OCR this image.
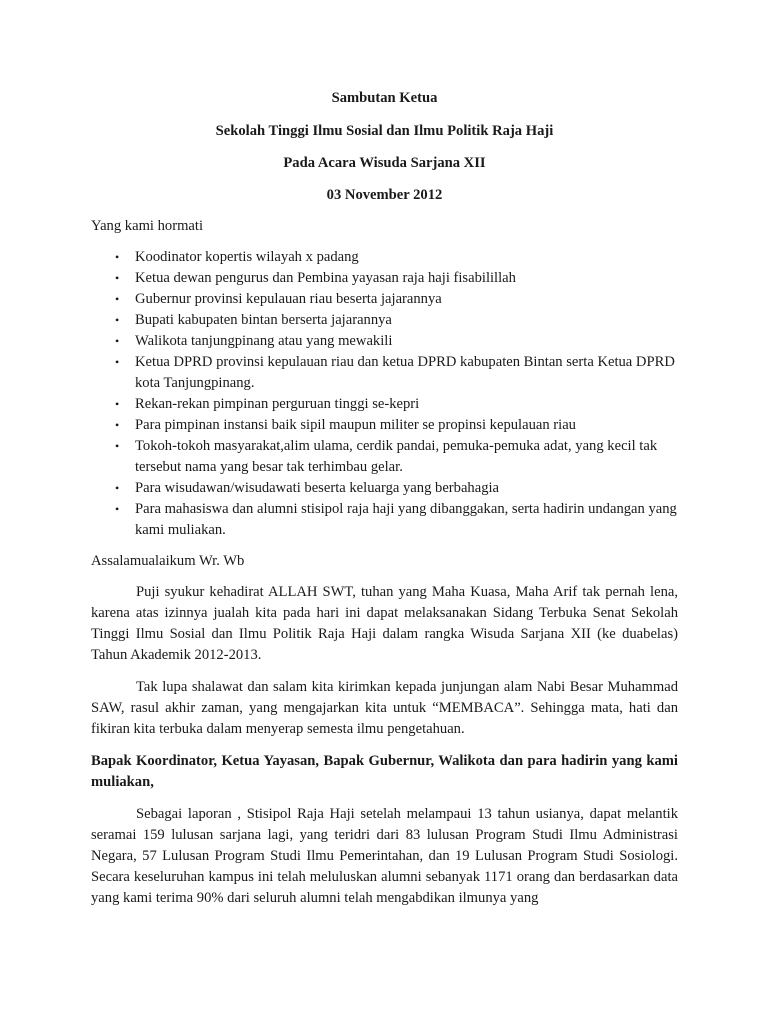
Sambutan Ketua

Sekolah Tinggi Ilmu Sosial dan Ilmu Politik Raja Haji

Pada Acara Wisuda Sarjana XII

03 November 2012

Yang kami hormati

• Koodinator kopertis wilayah x padang
• Ketua dewan pengurus dan Pembina yayasan raja haji fisabilillah
• Gubernur provinsi kepulauan riau beserta jajarannya
• Bupati kabupaten bintan berserta jajarannya
• Walikota tanjungpinang atau yang mewakili
• Ketua DPRD provinsi kepulauan riau dan ketua DPRD kabupaten Bintan serta Ketua DPRD kota Tanjungpinang.
• Rekan-rekan pimpinan perguruan tinggi se-kepri
• Para pimpinan instansi baik sipil maupun militer se propinsi kepulauan riau
• Tokoh-tokoh masyarakat,alim ulama, cerdik pandai, pemuka-pemuka adat, yang kecil tak tersebut nama yang besar tak terhimbau gelar.
• Para wisudawan/wisudawati beserta keluarga yang berbahagia
• Para mahasiswa dan alumni stisipol raja haji yang dibanggakan, serta hadirin undangan yang kami muliakan.

Assalamualaikum Wr. Wb

Puji syukur kehadirat ALLAH SWT, tuhan yang Maha Kuasa, Maha Arif tak pernah lena, karena atas izinnya jualah kita pada hari ini dapat melaksanakan Sidang Terbuka Senat Sekolah Tinggi Ilmu Sosial dan Ilmu Politik Raja Haji dalam rangka Wisuda Sarjana XII (ke duabelas) Tahun Akademik 2012-2013.

Tak lupa shalawat dan salam kita kirimkan kepada junjungan alam Nabi Besar Muhammad SAW, rasul akhir zaman, yang mengajarkan kita untuk “MEMBACA”. Sehingga mata, hati dan fikiran kita terbuka dalam menyerap semesta ilmu pengetahuan.

Bapak Koordinator, Ketua Yayasan, Bapak Gubernur, Walikota dan para hadirin yang kami muliakan,

Sebagai laporan , Stisipol Raja Haji setelah melampaui 13 tahun usianya, dapat melantik seramai 159 lulusan sarjana lagi, yang teridri dari 83 lulusan Program Studi Ilmu Administrasi Negara, 57 Lulusan Program Studi Ilmu Pemerintahan, dan 19 Lulusan Program Studi Sosiologi. Secara keseluruhan kampus ini telah meluluskan alumni sebanyak 1171 orang dan berdasarkan data yang kami terima 90% dari seluruh alumni telah mengabdikan ilmunya yang
